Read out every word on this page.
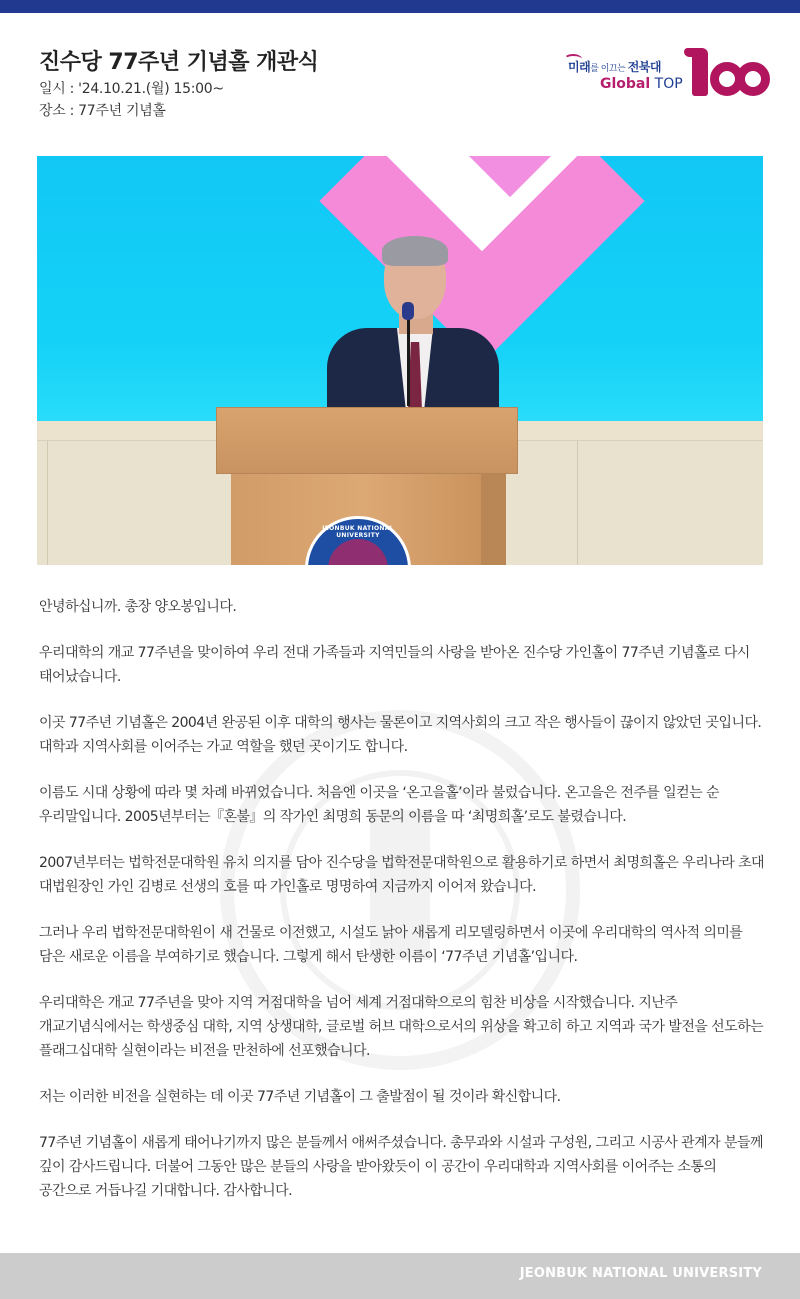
진수당 77주년 기념홀 개관식
일시 : '24.10.21.(월) 15:00~
장소 : 77주년 기념홀
미래를 이끄는 전북대
Global TOP
JEONBUK NATIONAL UNIVERSITY

안녕하십니까. 총장 양오봉입니다.

우리대학의 개교 77주년을 맞이하여 우리 전대 가족들과 지역민들의 사랑을 받아온 진수당 가인홀이 77주년 기념홀로 다시 태어났습니다.

이곳 77주년 기념홀은 2004년 완공된 이후 대학의 행사는 물론이고 지역사회의 크고 작은 행사들이 끊이지 않았던 곳입니다. 대학과 지역사회를 이어주는 가교 역할을 했던 곳이기도 합니다.

이름도 시대 상황에 따라 몇 차례 바뀌었습니다. 처음엔 이곳을 ‘온고을홀’이라 불렀습니다. 온고을은 전주를 일컫는 순 우리말입니다. 2005년부터는『혼불』의 작가인 최명희 동문의 이름을 따 ‘최명희홀’로도 불렸습니다.

2007년부터는 법학전문대학원 유치 의지를 담아 진수당을 법학전문대학원으로 활용하기로 하면서 최명희홀은 우리나라 초대 대법원장인 가인 김병로 선생의 호를 따 가인홀로 명명하여 지금까지 이어져 왔습니다.

그러나 우리 법학전문대학원이 새 건물로 이전했고, 시설도 낡아 새롭게 리모델링하면서 이곳에 우리대학의 역사적 의미를 담은 새로운 이름을 부여하기로 했습니다. 그렇게 해서 탄생한 이름이 ‘77주년 기념홀’입니다.

우리대학은 개교 77주년을 맞아 지역 거점대학을 넘어 세계 거점대학으로의 힘찬 비상을 시작했습니다. 지난주 개교기념식에서는 학생중심 대학, 지역 상생대학, 글로벌 허브 대학으로서의 위상을 확고히 하고 지역과 국가 발전을 선도하는 플래그십대학 실현이라는 비전을 만천하에 선포했습니다.

저는 이러한 비전을 실현하는 데 이곳 77주년 기념홀이 그 출발점이 될 것이라 확신합니다.

77주년 기념홀이 새롭게 태어나기까지 많은 분들께서 애써주셨습니다. 총무과와 시설과 구성원, 그리고 시공사 관계자 분들께 깊이 감사드립니다. 더불어 그동안 많은 분들의 사랑을 받아왔듯이 이 공간이 우리대학과 지역사회를 이어주는 소통의 공간으로 거듭나길 기대합니다. 감사합니다.

JEONBUK NATIONAL UNIVERSITY
